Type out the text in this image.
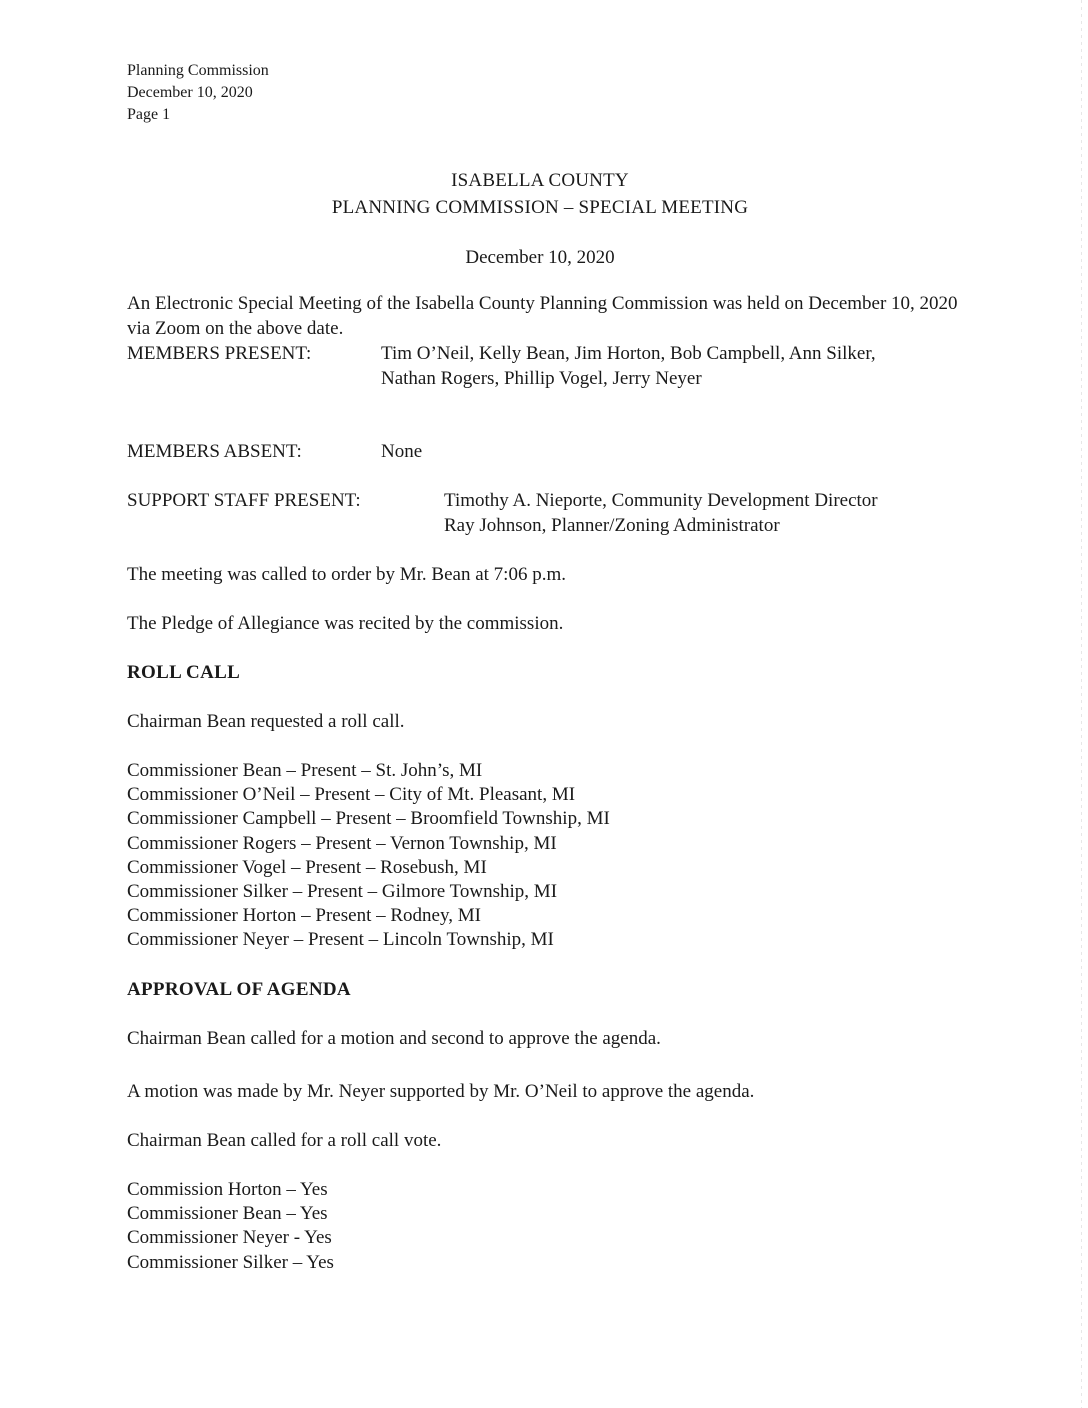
Planning Commission
December 10, 2020
Page 1
ISABELLA COUNTY
PLANNING COMMISSION – SPECIAL MEETING
December 10, 2020
An Electronic Special Meeting of the Isabella County Planning Commission was held on December 10, 2020 via Zoom on the above date.
MEMBERS PRESENT:	Tim O’Neil, Kelly Bean, Jim Horton, Bob Campbell, Ann Silker,
Nathan Rogers, Phillip Vogel, Jerry Neyer
MEMBERS ABSENT:	None
SUPPORT STAFF PRESENT:	Timothy A. Nieporte, Community Development Director
Ray Johnson, Planner/Zoning Administrator
The meeting was called to order by Mr. Bean at 7:06 p.m.
The Pledge of Allegiance was recited by the commission.
ROLL CALL
Chairman Bean requested a roll call.
Commissioner Bean – Present – St. John’s, MI
Commissioner O’Neil – Present – City of Mt. Pleasant, MI
Commissioner Campbell – Present – Broomfield Township, MI
Commissioner Rogers – Present – Vernon Township, MI
Commissioner Vogel – Present – Rosebush, MI
Commissioner Silker – Present – Gilmore Township, MI
Commissioner Horton – Present – Rodney, MI
Commissioner Neyer – Present – Lincoln Township, MI
APPROVAL OF AGENDA
Chairman Bean called for a motion and second to approve the agenda.
A motion was made by Mr. Neyer supported by Mr. O’Neil to approve the agenda.
Chairman Bean called for a roll call vote.
Commission Horton – Yes
Commissioner Bean – Yes
Commissioner Neyer - Yes
Commissioner Silker – Yes
